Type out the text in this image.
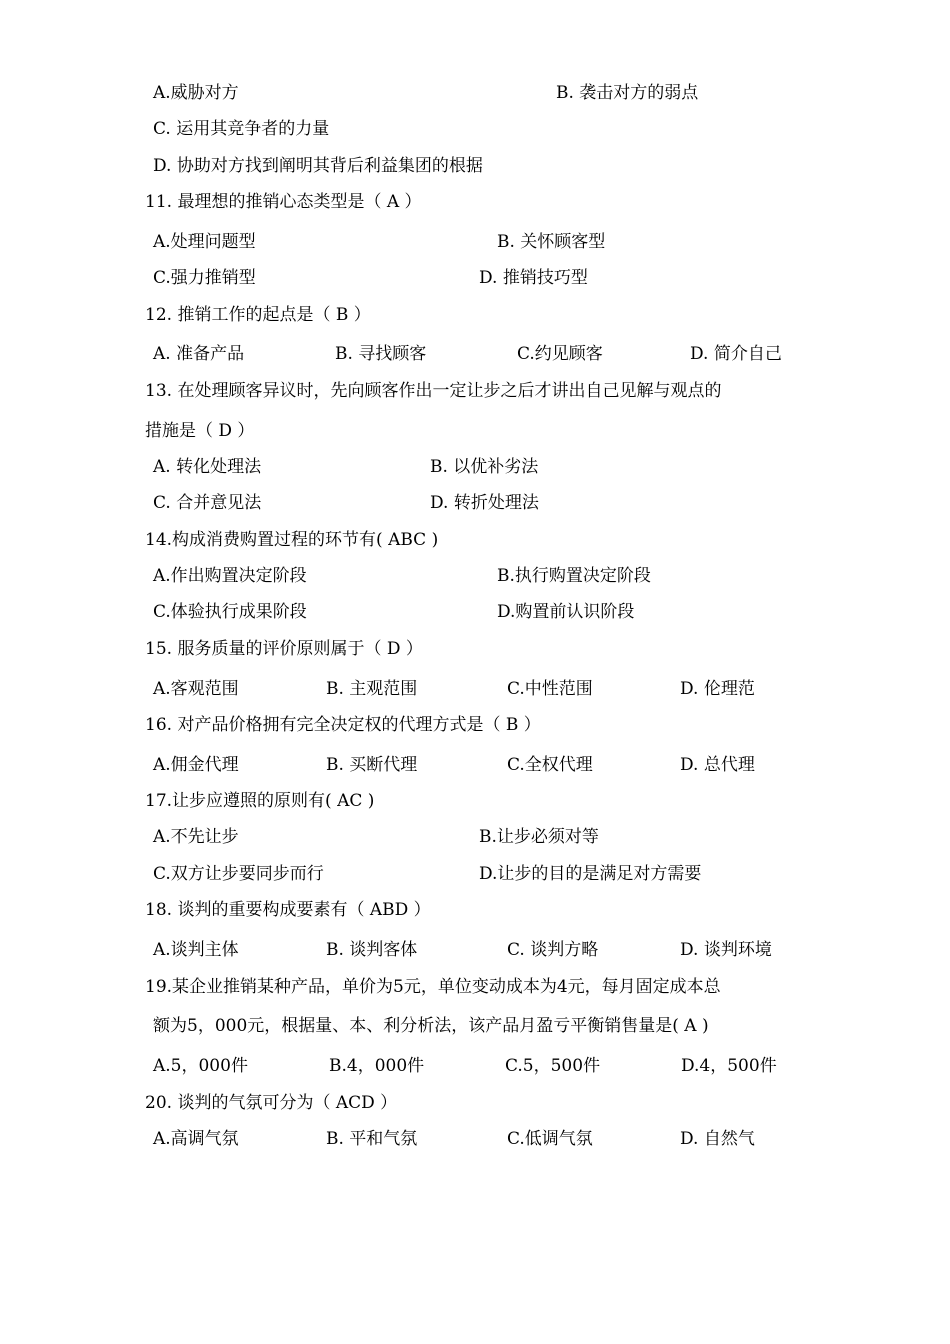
A.威胁对方	B. 袭击对方的弱点
C. 运用其竞争者的力量
D. 协助对方找到阐明其背后利益集团的根据
11. 最理想的推销心态类型是（ A ）
A.处理问题型	B. 关怀顾客型
C.强力推销型	D. 推销技巧型
12. 推销工作的起点是（ B ）
A. 准备产品	B. 寻找顾客	C.约见顾客	D. 简介自己
13. 在处理顾客异议时，先向顾客作出一定让步之后才讲出自己见解与观点的
措施是（ D ）
A. 转化处理法	B. 以优补劣法
C. 合并意见法	D. 转折处理法
14.构成消费购置过程的环节有( ABC )
A.作出购置决定阶段	B.执行购置决定阶段
C.体验执行成果阶段	D.购置前认识阶段
15. 服务质量的评价原则属于（ D ）
A.客观范围	B. 主观范围	C.中性范围	D. 伦理范
16. 对产品价格拥有完全决定权的代理方式是（ B ）
A.佣金代理	B. 买断代理	C.全权代理	D. 总代理
17.让步应遵照的原则有( AC )
A.不先让步	B.让步必须对等
C.双方让步要同步而行	D.让步的目的是满足对方需要
18. 谈判的重要构成要素有（ ABD ）
A.谈判主体	B. 谈判客体	C. 谈判方略	D. 谈判环境
19.某企业推销某种产品，单价为5元，单位变动成本为4元，每月固定成本总
额为5，000元，根据量、本、利分析法，该产品月盈亏平衡销售量是( A )
A.5，000件	B.4，000件	C.5，500件	D.4，500件
20. 谈判的气氛可分为（ ACD ）
A.高调气氛	B. 平和气氛	C.低调气氛	D. 自然气
